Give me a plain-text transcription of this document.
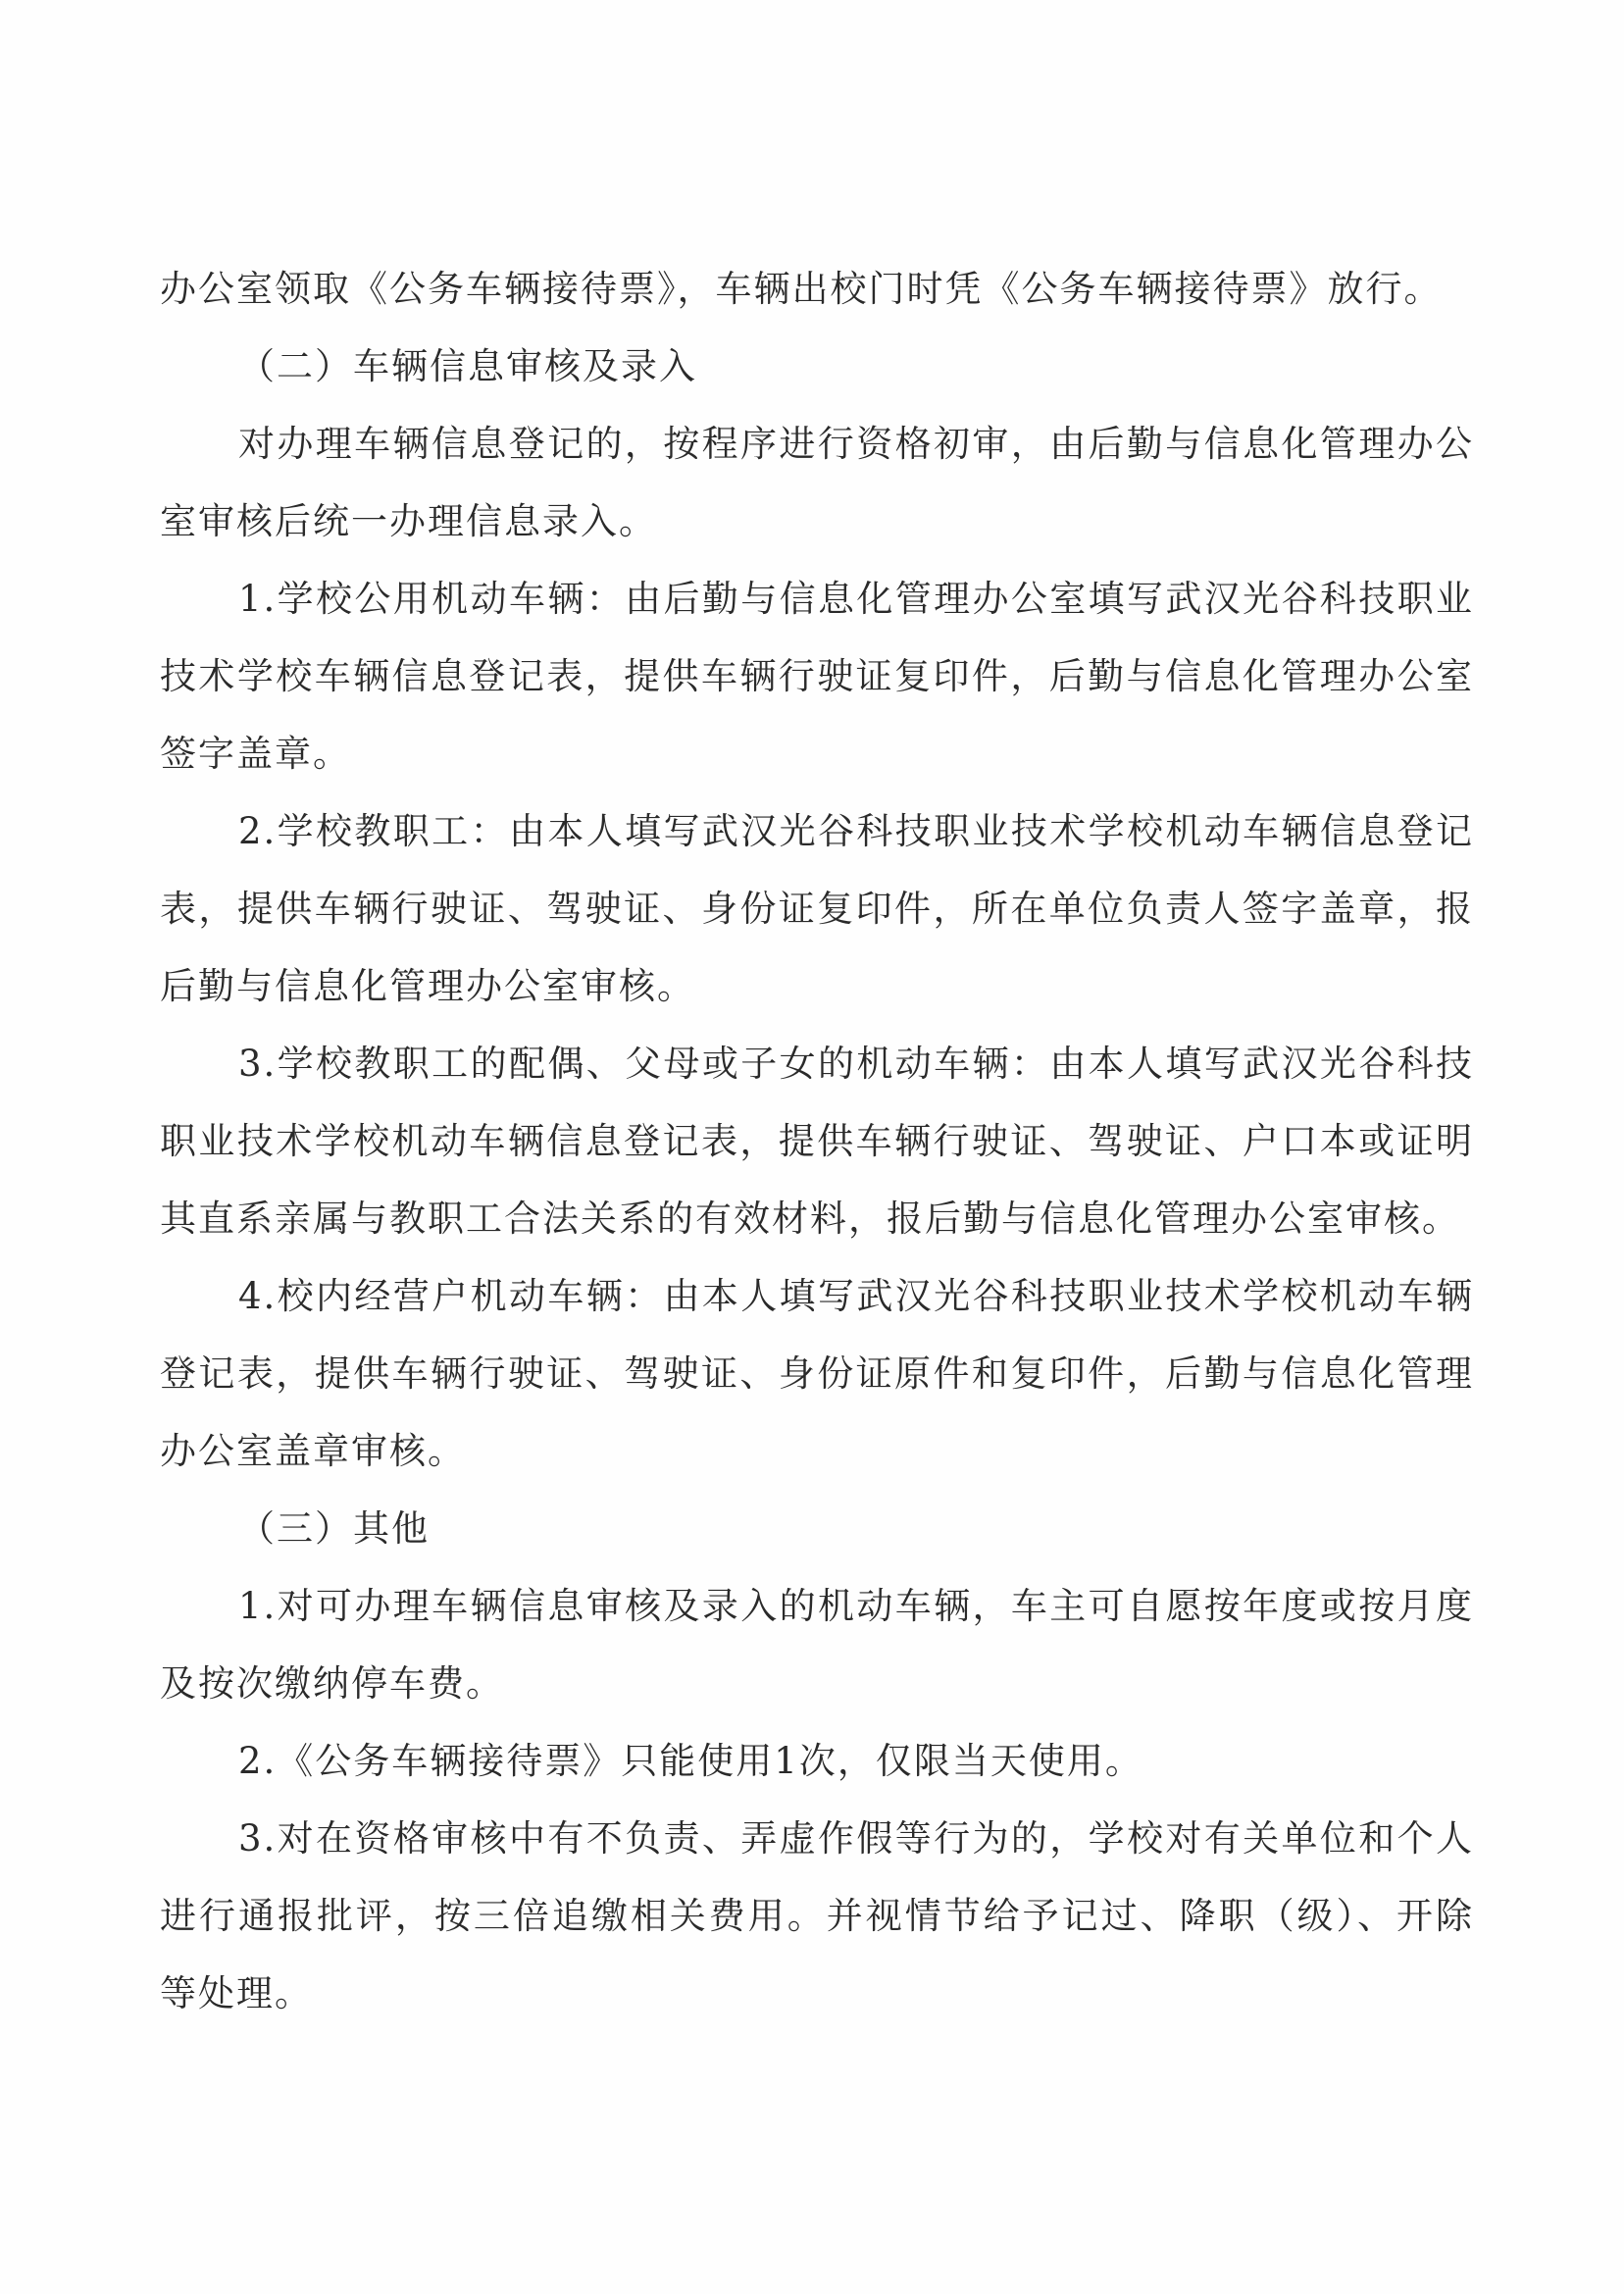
办公室领取《公务车辆接待票》，车辆出校门时凭《公务车辆接待票》放行。

（二）车辆信息审核及录入

对办理车辆信息登记的，按程序进行资格初审，由后勤与信息化管理办公室审核后统一办理信息录入。

1.学校公用机动车辆：由后勤与信息化管理办公室填写武汉光谷科技职业技术学校车辆信息登记表，提供车辆行驶证复印件，后勤与信息化管理办公室签字盖章。

2.学校教职工：由本人填写武汉光谷科技职业技术学校机动车辆信息登记表，提供车辆行驶证、驾驶证、身份证复印件，所在单位负责人签字盖章，报后勤与信息化管理办公室审核。

3.学校教职工的配偶、父母或子女的机动车辆：由本人填写武汉光谷科技职业技术学校机动车辆信息登记表，提供车辆行驶证、驾驶证、户口本或证明其直系亲属与教职工合法关系的有效材料，报后勤与信息化管理办公室审核。

4.校内经营户机动车辆：由本人填写武汉光谷科技职业技术学校机动车辆登记表，提供车辆行驶证、驾驶证、身份证原件和复印件，后勤与信息化管理办公室盖章审核。

（三）其他

1.对可办理车辆信息审核及录入的机动车辆，车主可自愿按年度或按月度及按次缴纳停车费。

2.《公务车辆接待票》只能使用1次，仅限当天使用。

3.对在资格审核中有不负责、弄虚作假等行为的，学校对有关单位和个人进行通报批评，按三倍追缴相关费用。并视情节给予记过、降职（级）、开除等处理。
